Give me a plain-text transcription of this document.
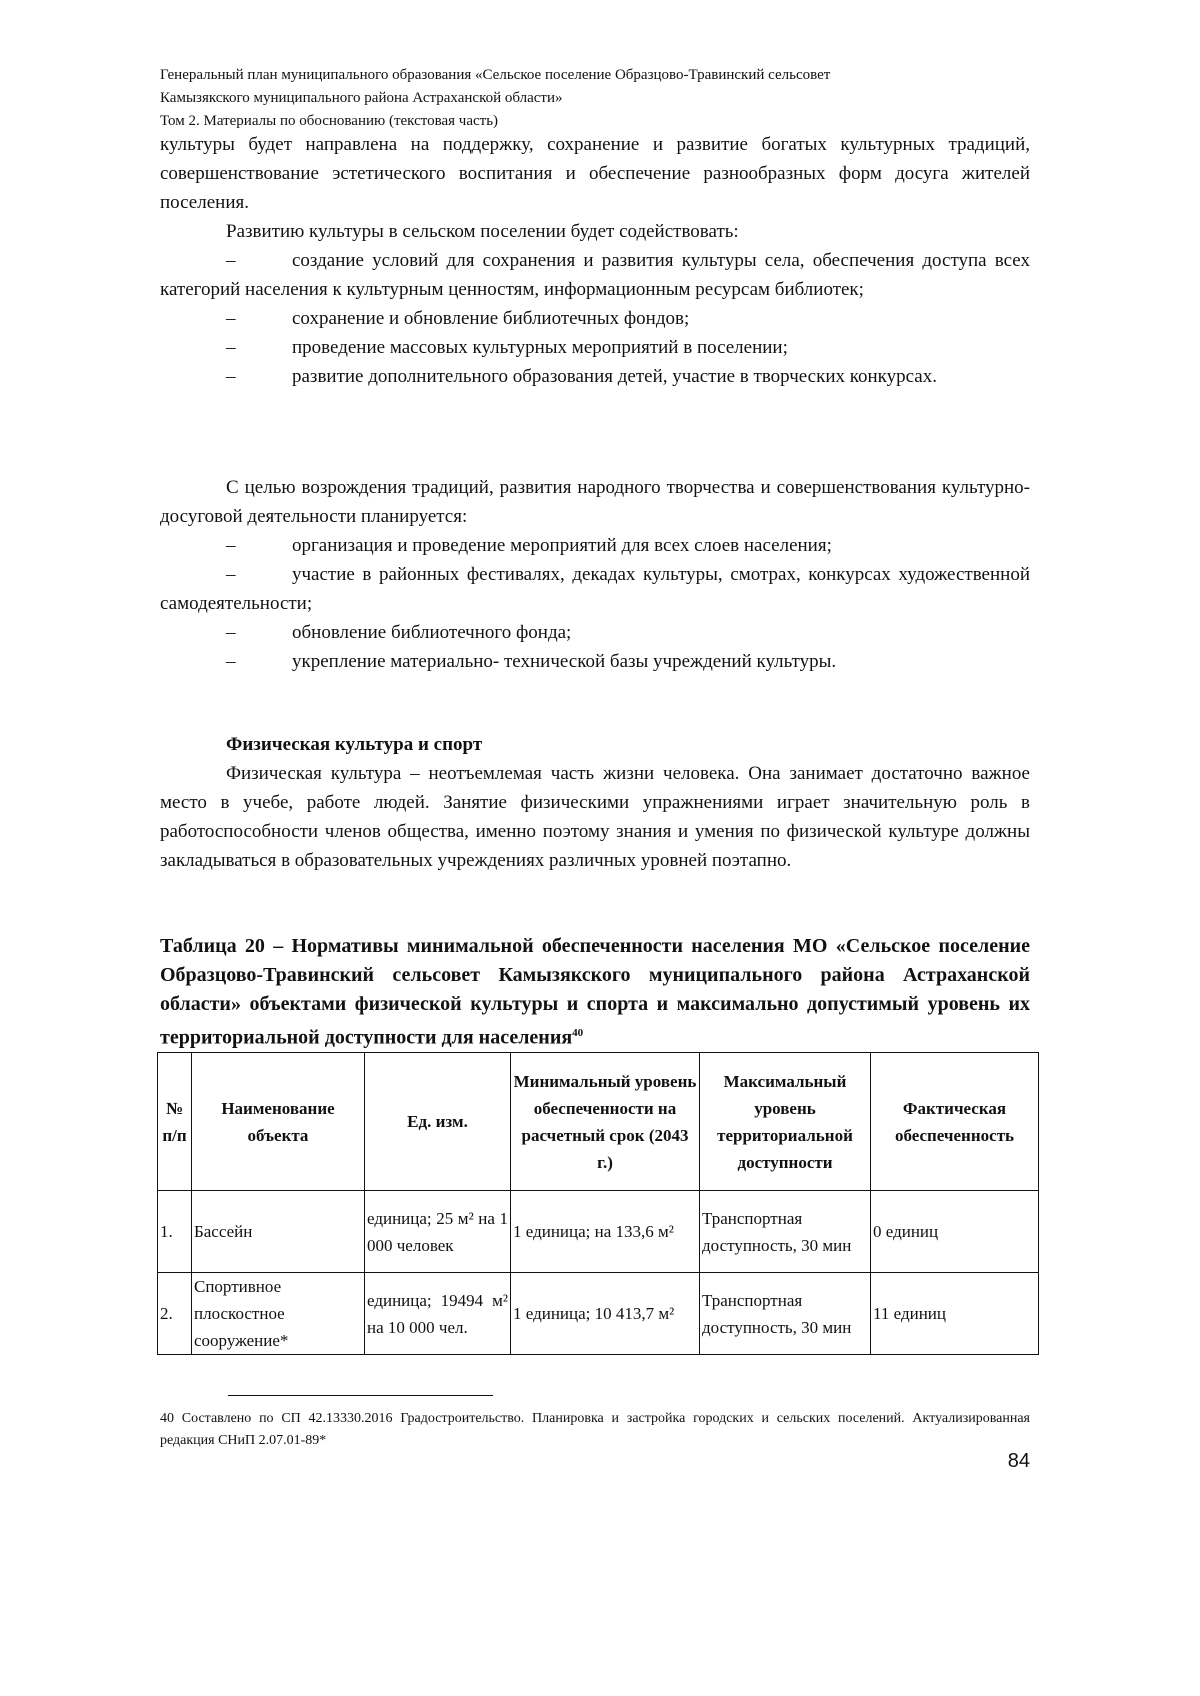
Генеральный план муниципального образования «Сельское поселение Образцово-Травинский сельсовет
Камызякского муниципального района Астраханской области»
Том 2. Материалы по обоснованию (текстовая часть)

культуры будет направлена на поддержку, сохранение и развитие богатых культурных традиций, совершенствование эстетического воспитания и обеспечение разнообразных форм досуга жителей поселения.

Развитию культуры в сельском поселении будет содействовать:

–	создание условий для сохранения и развития культуры села, обеспечения доступа всех категорий населения к культурным ценностям, информационным ресурсам библиотек;

–	сохранение и обновление библиотечных фондов;

–	проведение массовых культурных мероприятий в поселении;

–	развитие дополнительного образования детей, участие в творческих конкурсах.

С целью возрождения традиций, развития народного творчества и совершенствования культурно-досуговой деятельности планируется:

–	организация и проведение мероприятий для всех слоев населения;

–	участие в районных фестивалях, декадах культуры, смотрах, конкурсах художественной самодеятельности;

–	обновление библиотечного фонда;

–	укрепление материально- технической базы учреждений культуры.

Физическая культура и спорт

Физическая культура – неотъемлемая часть жизни человека. Она занимает достаточно важное место в учебе, работе людей. Занятие физическими упражнениями играет значительную роль в работоспособности членов общества, именно поэтому знания и умения по физической культуре должны закладываться в образовательных учреждениях различных уровней поэтапно.

Таблица 20 – Нормативы минимальной обеспеченности населения МО «Сельское поселение Образцово-Травинский сельсовет Камызякского муниципального района Астраханской области» объектами физической культуры и спорта и максимально допустимый уровень их территориальной доступности для населения$^{40}$

№ п/п	Наименование объекта	Ед. изм.	Минимальный уровень обеспеченности на расчетный срок (2043 г.)	Максимальный уровень территориальной доступности	Фактическая обеспеченность
1.	Бассейн	единица; 25 м² на 1 000 человек	1 единица; на 133,6 м²	Транспортная доступность, 30 мин	0 единиц
2.	Спортивное плоскостное сооружение*	единица; 19494 м² на 10 000 чел.	1 единица; 10 413,7 м²	Транспортная доступность, 30 мин	11 единиц
40 Составлено по СП 42.13330.2016 Градостроительство. Планировка и застройка городских и сельских поселений. Актуализированная редакция СНиП 2.07.01-89*
84
